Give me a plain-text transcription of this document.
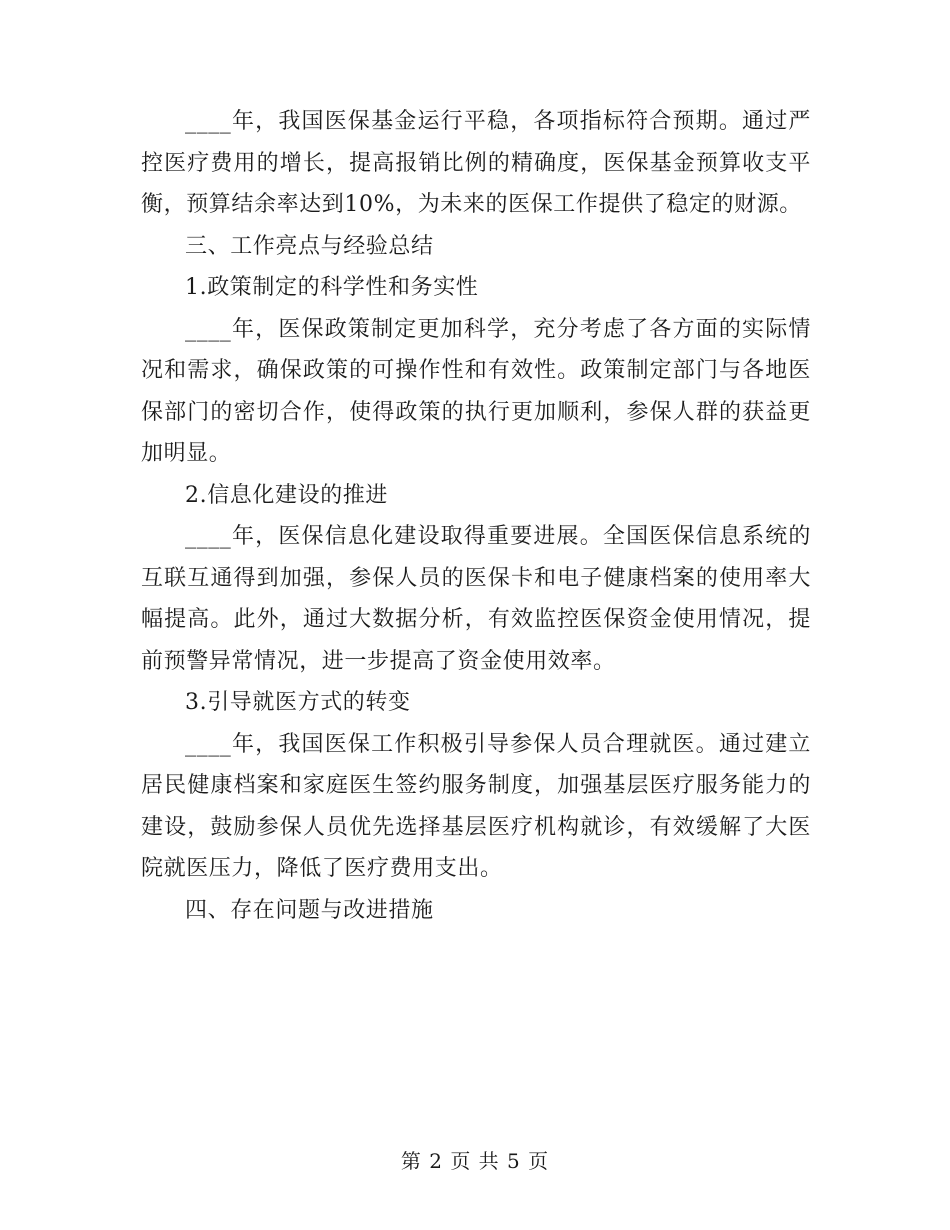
____年，我国医保基金运行平稳，各项指标符合预期。通过严控医疗费用的增长，提高报销比例的精确度，医保基金预算收支平衡，预算结余率达到10%，为未来的医保工作提供了稳定的财源。

三、工作亮点与经验总结

1.政策制定的科学性和务实性

____年，医保政策制定更加科学，充分考虑了各方面的实际情况和需求，确保政策的可操作性和有效性。政策制定部门与各地医保部门的密切合作，使得政策的执行更加顺利，参保人群的获益更加明显。

2.信息化建设的推进

____年，医保信息化建设取得重要进展。全国医保信息系统的互联互通得到加强，参保人员的医保卡和电子健康档案的使用率大幅提高。此外，通过大数据分析，有效监控医保资金使用情况，提前预警异常情况，进一步提高了资金使用效率。

3.引导就医方式的转变

____年，我国医保工作积极引导参保人员合理就医。通过建立居民健康档案和家庭医生签约服务制度，加强基层医疗服务能力的建设，鼓励参保人员优先选择基层医疗机构就诊，有效缓解了大医院就医压力，降低了医疗费用支出。

四、存在问题与改进措施

第 2 页 共 5 页
